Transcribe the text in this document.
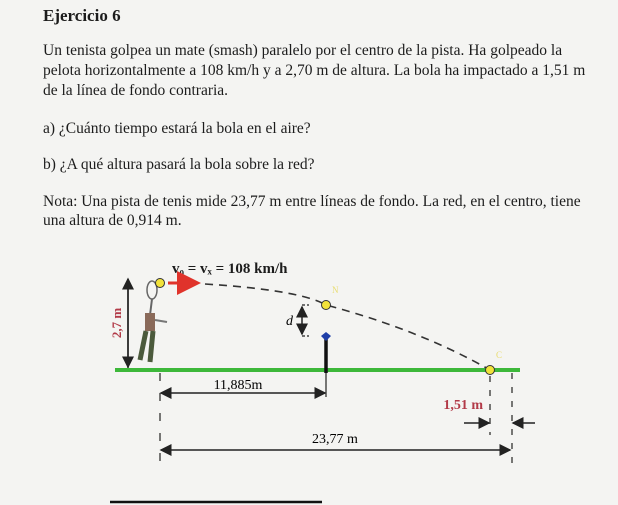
Ejercicio 6
Un tenista golpea un mate (smash) paralelo por el centro de la pista. Ha golpeado la
pelota horizontalmente a 108 km/h y a 2,70 m de altura. La bola ha impactado a 1,51 m
de la línea de fondo contraria.
a) ¿Cuánto tiempo estará la bola en el aire?
b) ¿A qué altura pasará la bola sobre la red?
Nota: Una pista de tenis mide 23,77 m entre líneas de fondo. La red, en el centro, tiene
una altura de 0,914 m.
v₀ = vₓ = 108 km/h
2,7 m
N
C
d
11,885m
1,51 m
23,77 m
